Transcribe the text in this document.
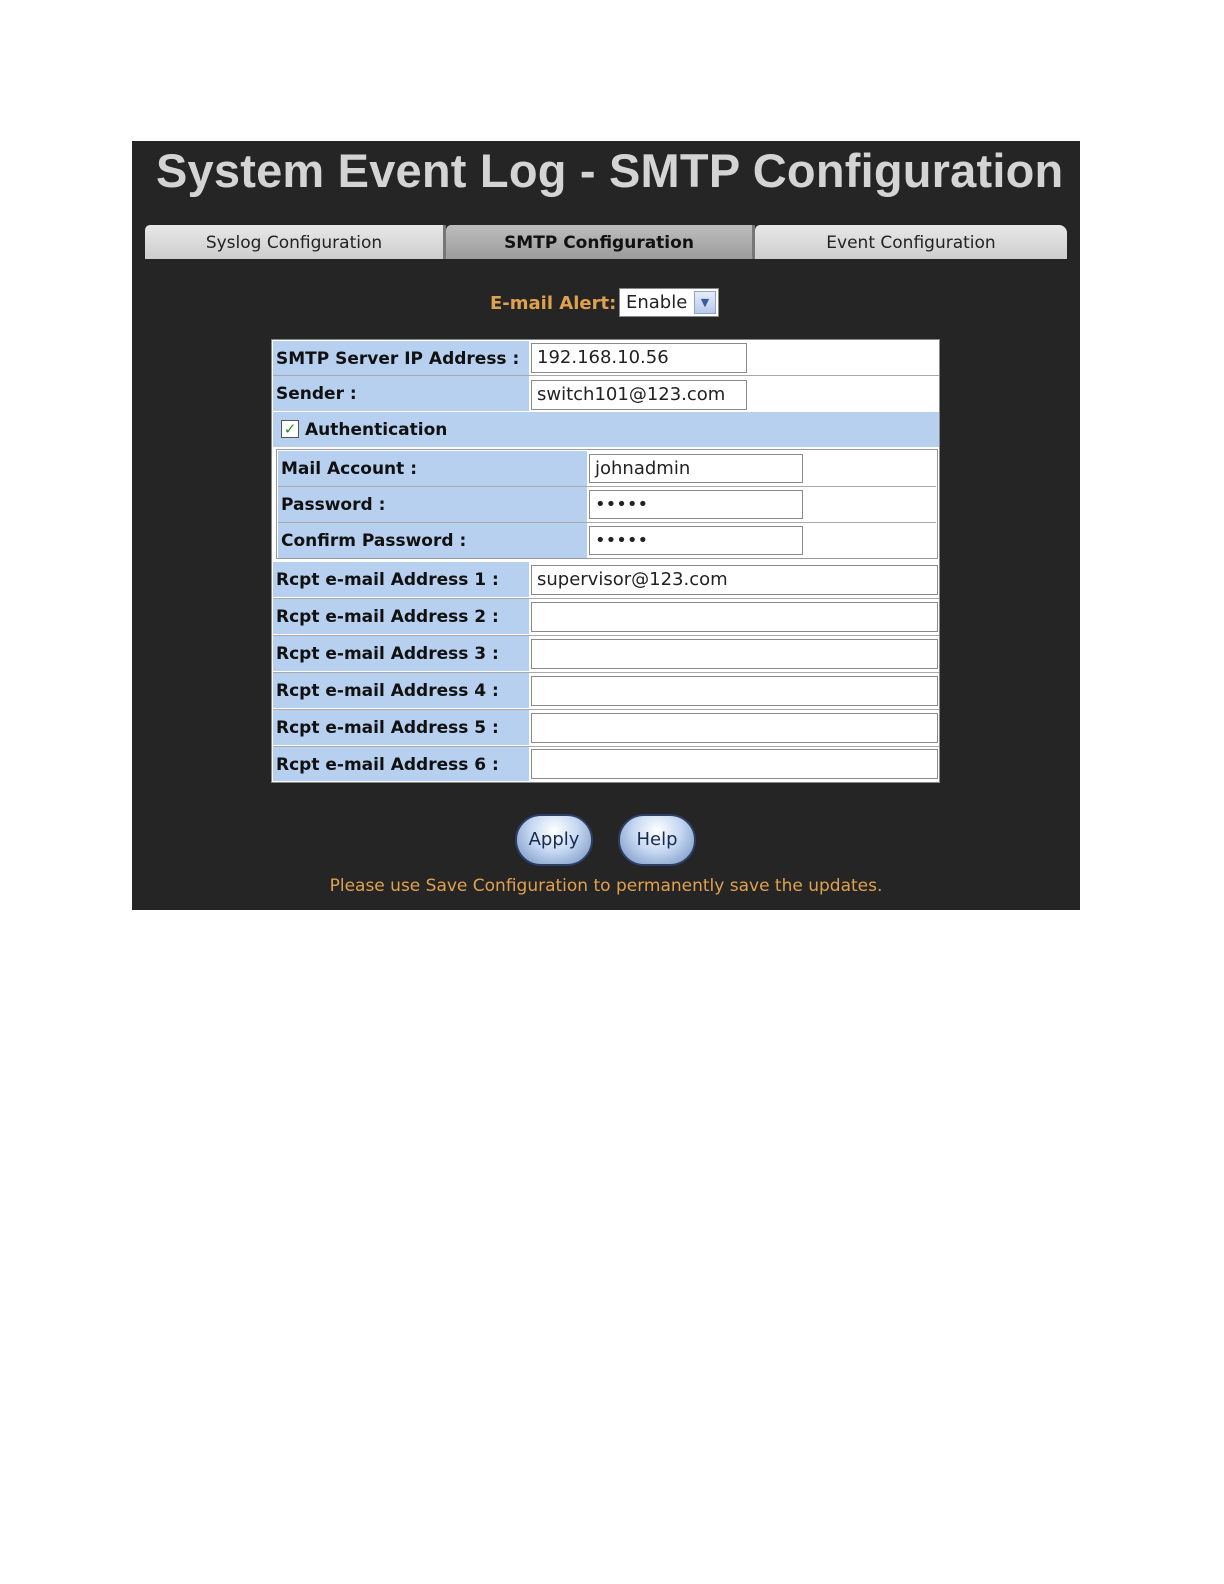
System Event Log - SMTP Configuration
Syslog Configuration	SMTP Configuration	Event Configuration
E-mail Alert: Enable	▼
SMTP Server IP Address : 192.168.10.56
Sender :	switch101@123.com
✓ Authentication
Mail Account :	johnadmin
Password :	•••••
Confirm Password :	•••••
Rcpt e-mail Address 1 :	supervisor@123.com
Rcpt e-mail Address 2 :
Rcpt e-mail Address 3 :
Rcpt e-mail Address 4 :
Rcpt e-mail Address 5 :
Rcpt e-mail Address 6 :
Apply	Help
Please use Save Configuration to permanently save the updates.
